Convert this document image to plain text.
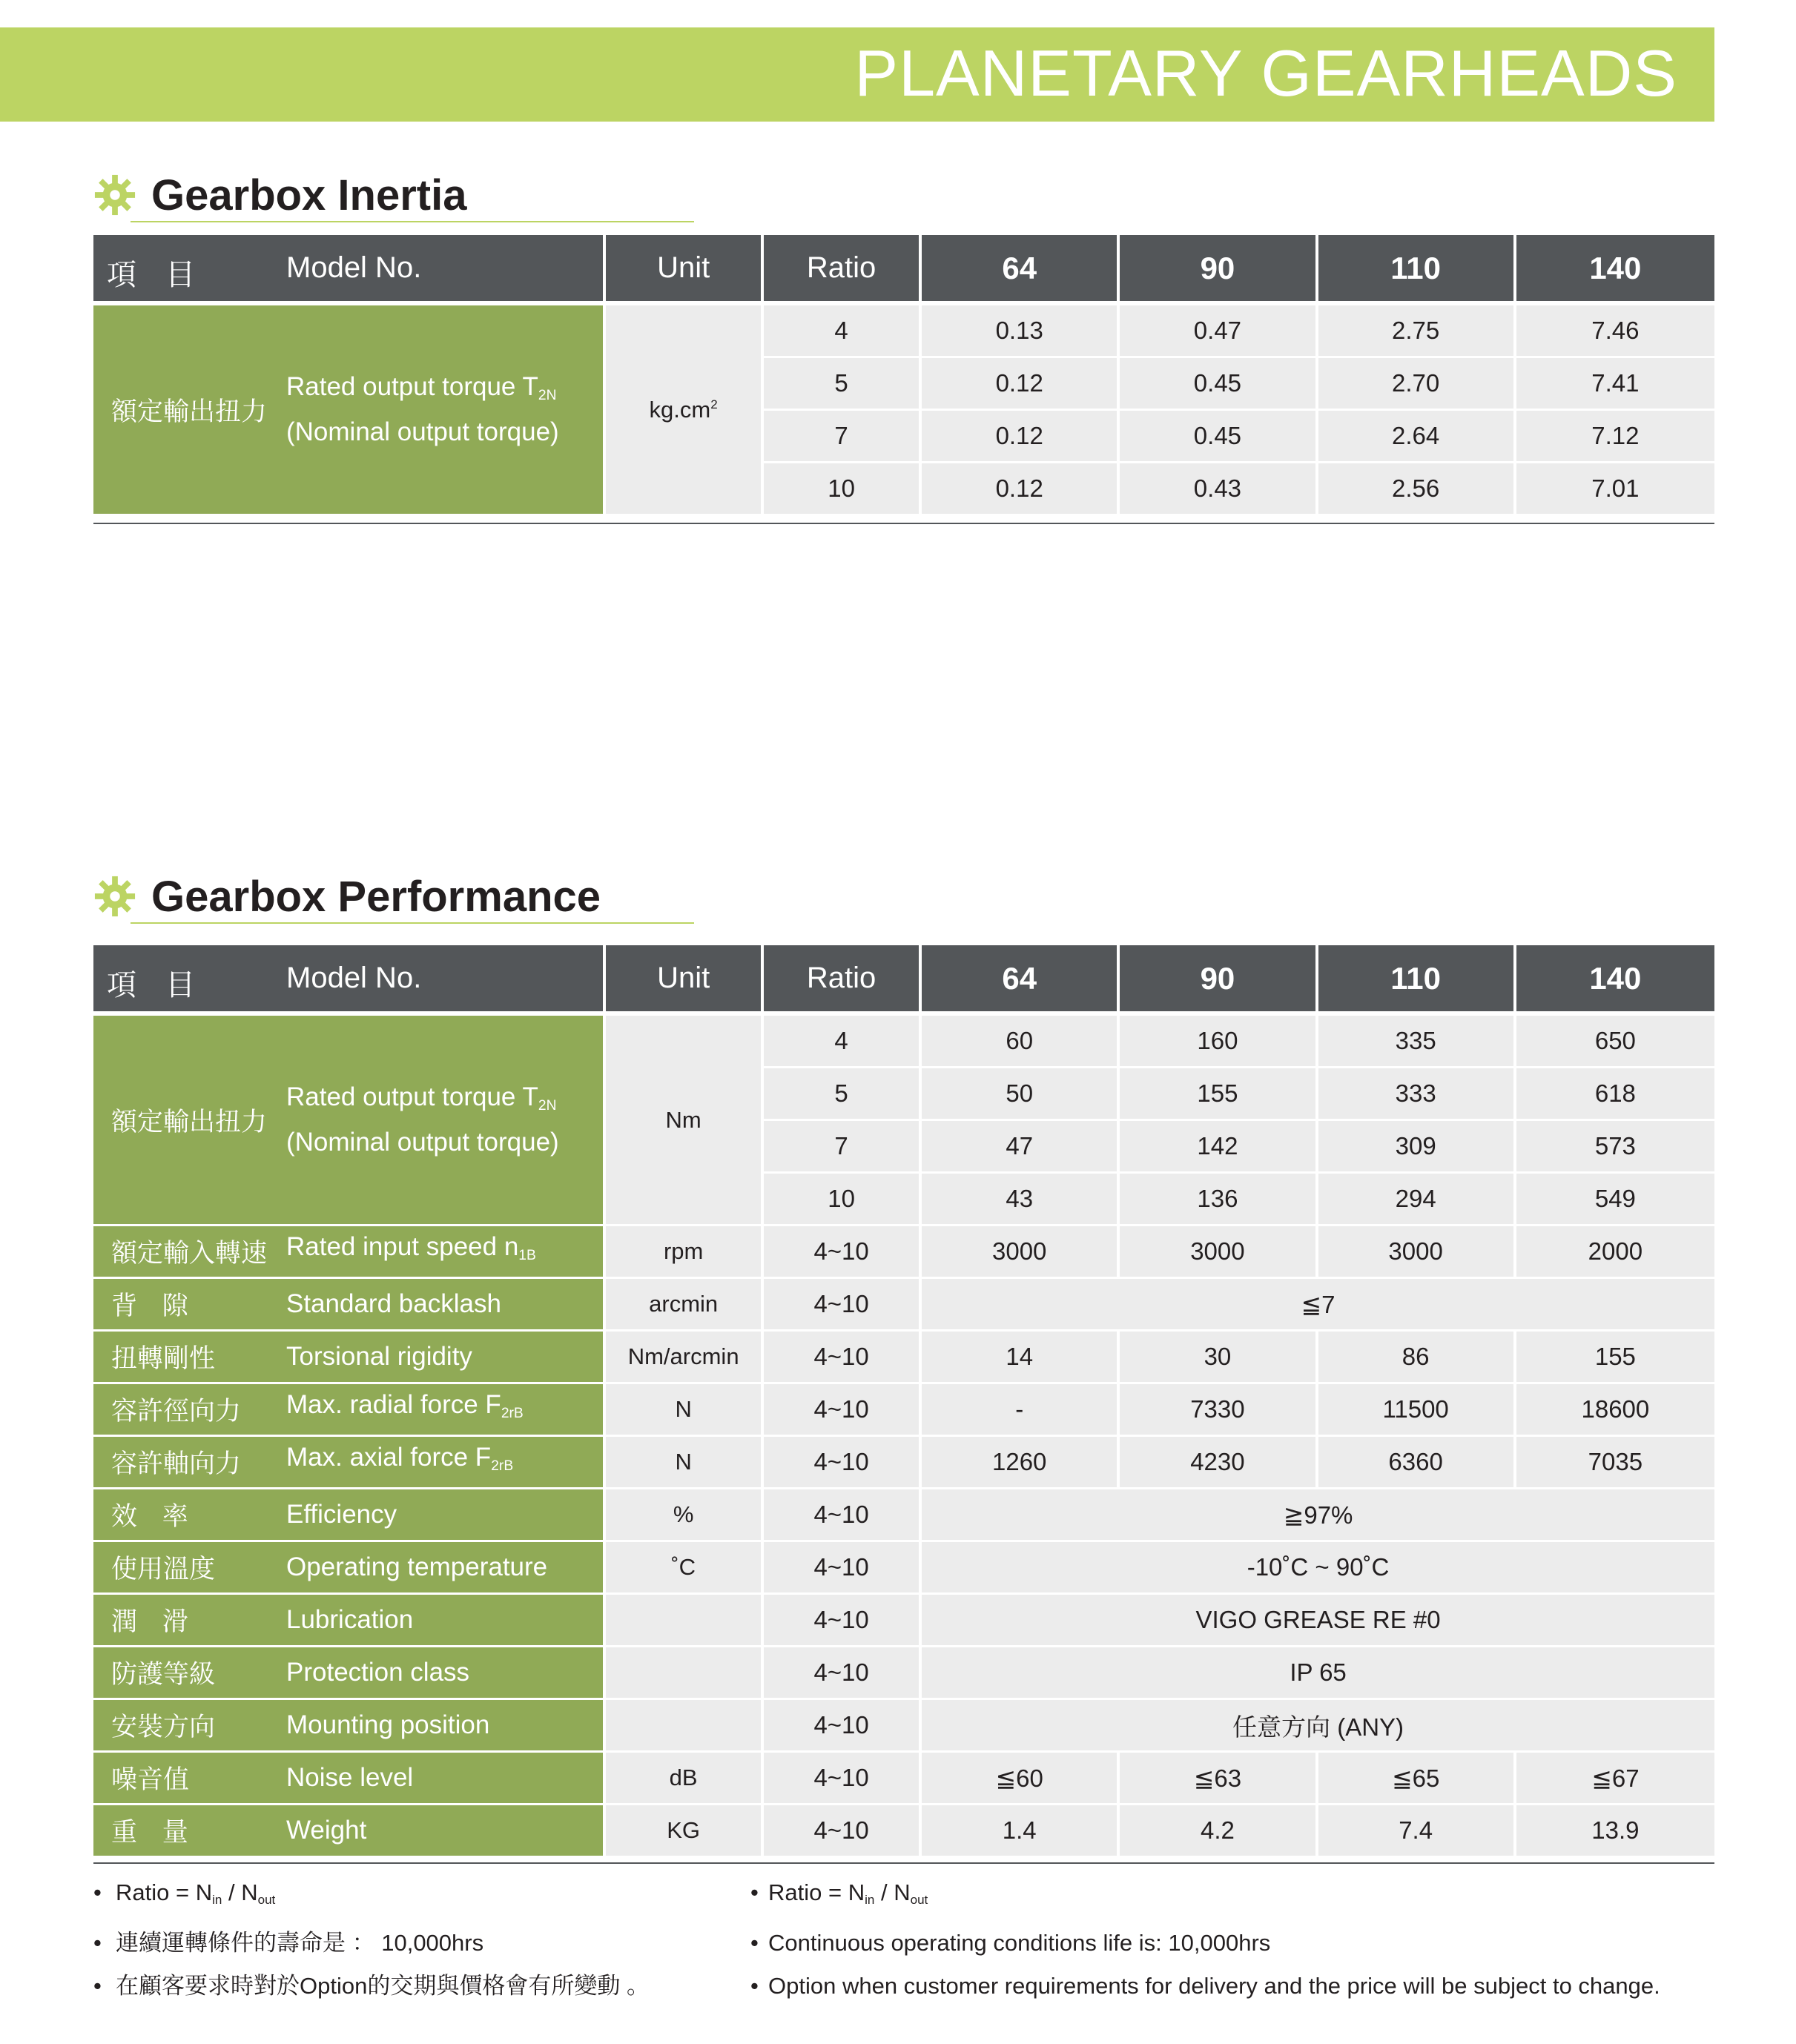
PLANETARY GEARHEADS
Gearbox Inertia
項 目 Model No.	Unit	Ratio	64	90	110	140

額定輸出扭力
Rated output torque $T_{2N}$
(Nominal output torque)	$kg.cm^2$	4	0.13	0.47	2.75	7.46
		5	0.12	0.45	2.70	7.41
		7	0.12	0.45	2.64	7.12
		10	0.12	0.43	2.56	7.01
Gearbox Performance
項 目 Model No.	Unit	Ratio	64	90	110	140

額定輸出扭力
Rated output torque $T_{2N}$
(Nominal output torque)	Nm	4	60	160	335	650
		5	50	155	333	618
		7	47	142	309	573
		10	43	136	294	549

額定輸入轉速 Rated input speed $n_{1B}$	rpm	4~10	3000	3000	3000	2000

背 隙 Standard backlash	arcmin	4~10	≦7			

扭轉剛性 Torsional rigidity	Nm/arcmin	4~10	14	30	86	155

容許徑向力 Max. radial force $F_{2rB}$	N	4~10	-	7330	11500	18600

容許軸向力 Max. axial force $F_{2rB}$	N	4~10	1260	4230	6360	7035

效 率 Efficiency	%	4~10	≧97%			

使用溫度 Operating temperature	˚C	4~10	-10˚C ~ 90˚C			

潤 滑 Lubrication		4~10	VIGO GREASE RE #0			

防護等級 Protection class		4~10	IP 65			

安裝方向 Mounting position		4~10	任意方向 (ANY)			

噪音值 Noise level	dB	4~10	≦60	≦63	≦65	≦67

重 量 Weight	KG	4~10	1.4	4.2	7.4	13.9
• Ratio = $N_{in} / N_{out}$
• 連續運轉條件的壽命是 ： 10,000hrs
• 在顧客要求時對於Option的交期與價格會有所變動 。
• Ratio = $N_{in} / N_{out}$
• Continuous operating conditions life is: 10,000hrs
• Option when customer requirements for delivery and the price will be subject to change.
